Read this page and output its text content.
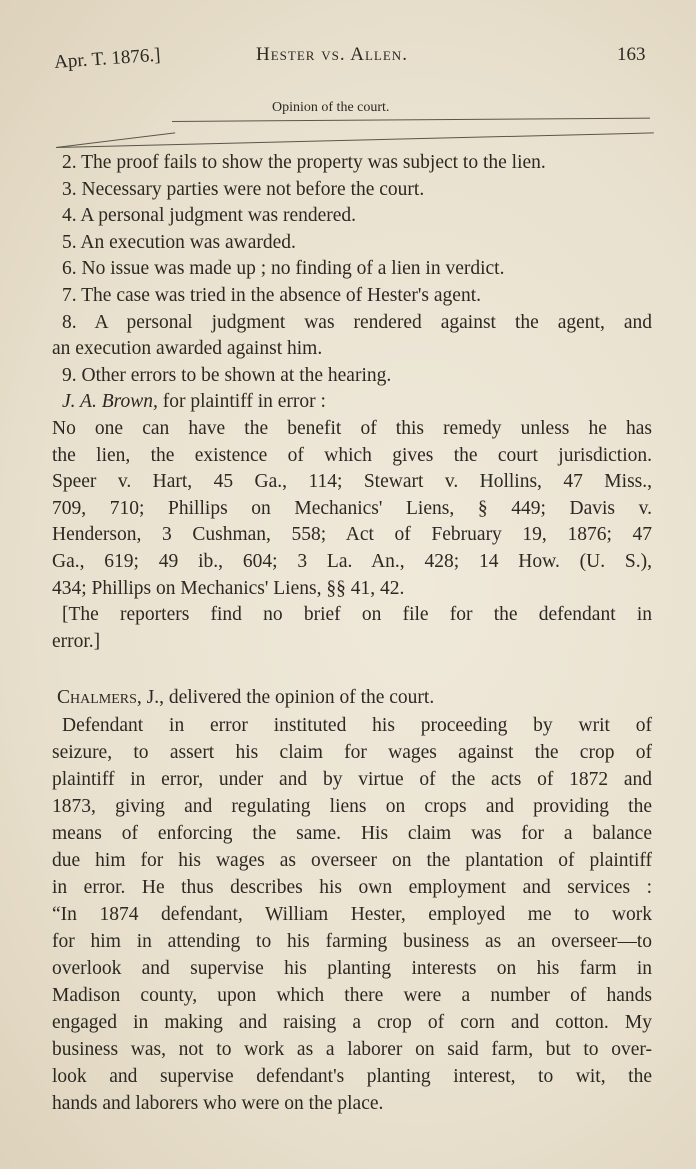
Apr. T. 1876.]	Hester vs. Allen.	163
Opinion of the court.
2. The proof fails to show the property was subject to the lien.
3. Necessary parties were not before the court.
4. A personal judgment was rendered.
5. An execution was awarded.
6. No issue was made up ; no finding of a lien in verdict.
7. The case was tried in the absence of Hester's agent.
8. A personal judgment was rendered against the agent, and
an execution awarded against him.
9. Other errors to be shown at the hearing.
J. A. Brown, for plaintiff in error :
No one can have the benefit of this remedy unless he has
the lien, the existence of which gives the court jurisdiction.
Speer v. Hart, 45 Ga., 114; Stewart v. Hollins, 47 Miss.,
709, 710; Phillips on Mechanics' Liens, § 449; Davis v.
Henderson, 3 Cushman, 558; Act of February 19, 1876; 47
Ga., 619; 49 ib., 604; 3 La. An., 428; 14 How. (U. S.),
434; Phillips on Mechanics' Liens, §§ 41, 42.
[The reporters find no brief on file for the defendant in
error.]
Chalmers, J., delivered the opinion of the court.
Defendant in error instituted his proceeding by writ of
seizure, to assert his claim for wages against the crop of
plaintiff in error, under and by virtue of the acts of 1872 and
1873, giving and regulating liens on crops and providing the
means of enforcing the same. His claim was for a balance
due him for his wages as overseer on the plantation of plaintiff
in error. He thus describes his own employment and services :
“In 1874 defendant, William Hester, employed me to work
for him in attending to his farming business as an overseer—to
overlook and supervise his planting interests on his farm in
Madison county, upon which there were a number of hands
engaged in making and raising a crop of corn and cotton. My
business was, not to work as a laborer on said farm, but to over-
look and supervise defendant's planting interest, to wit, the
hands and laborers who were on the place.
